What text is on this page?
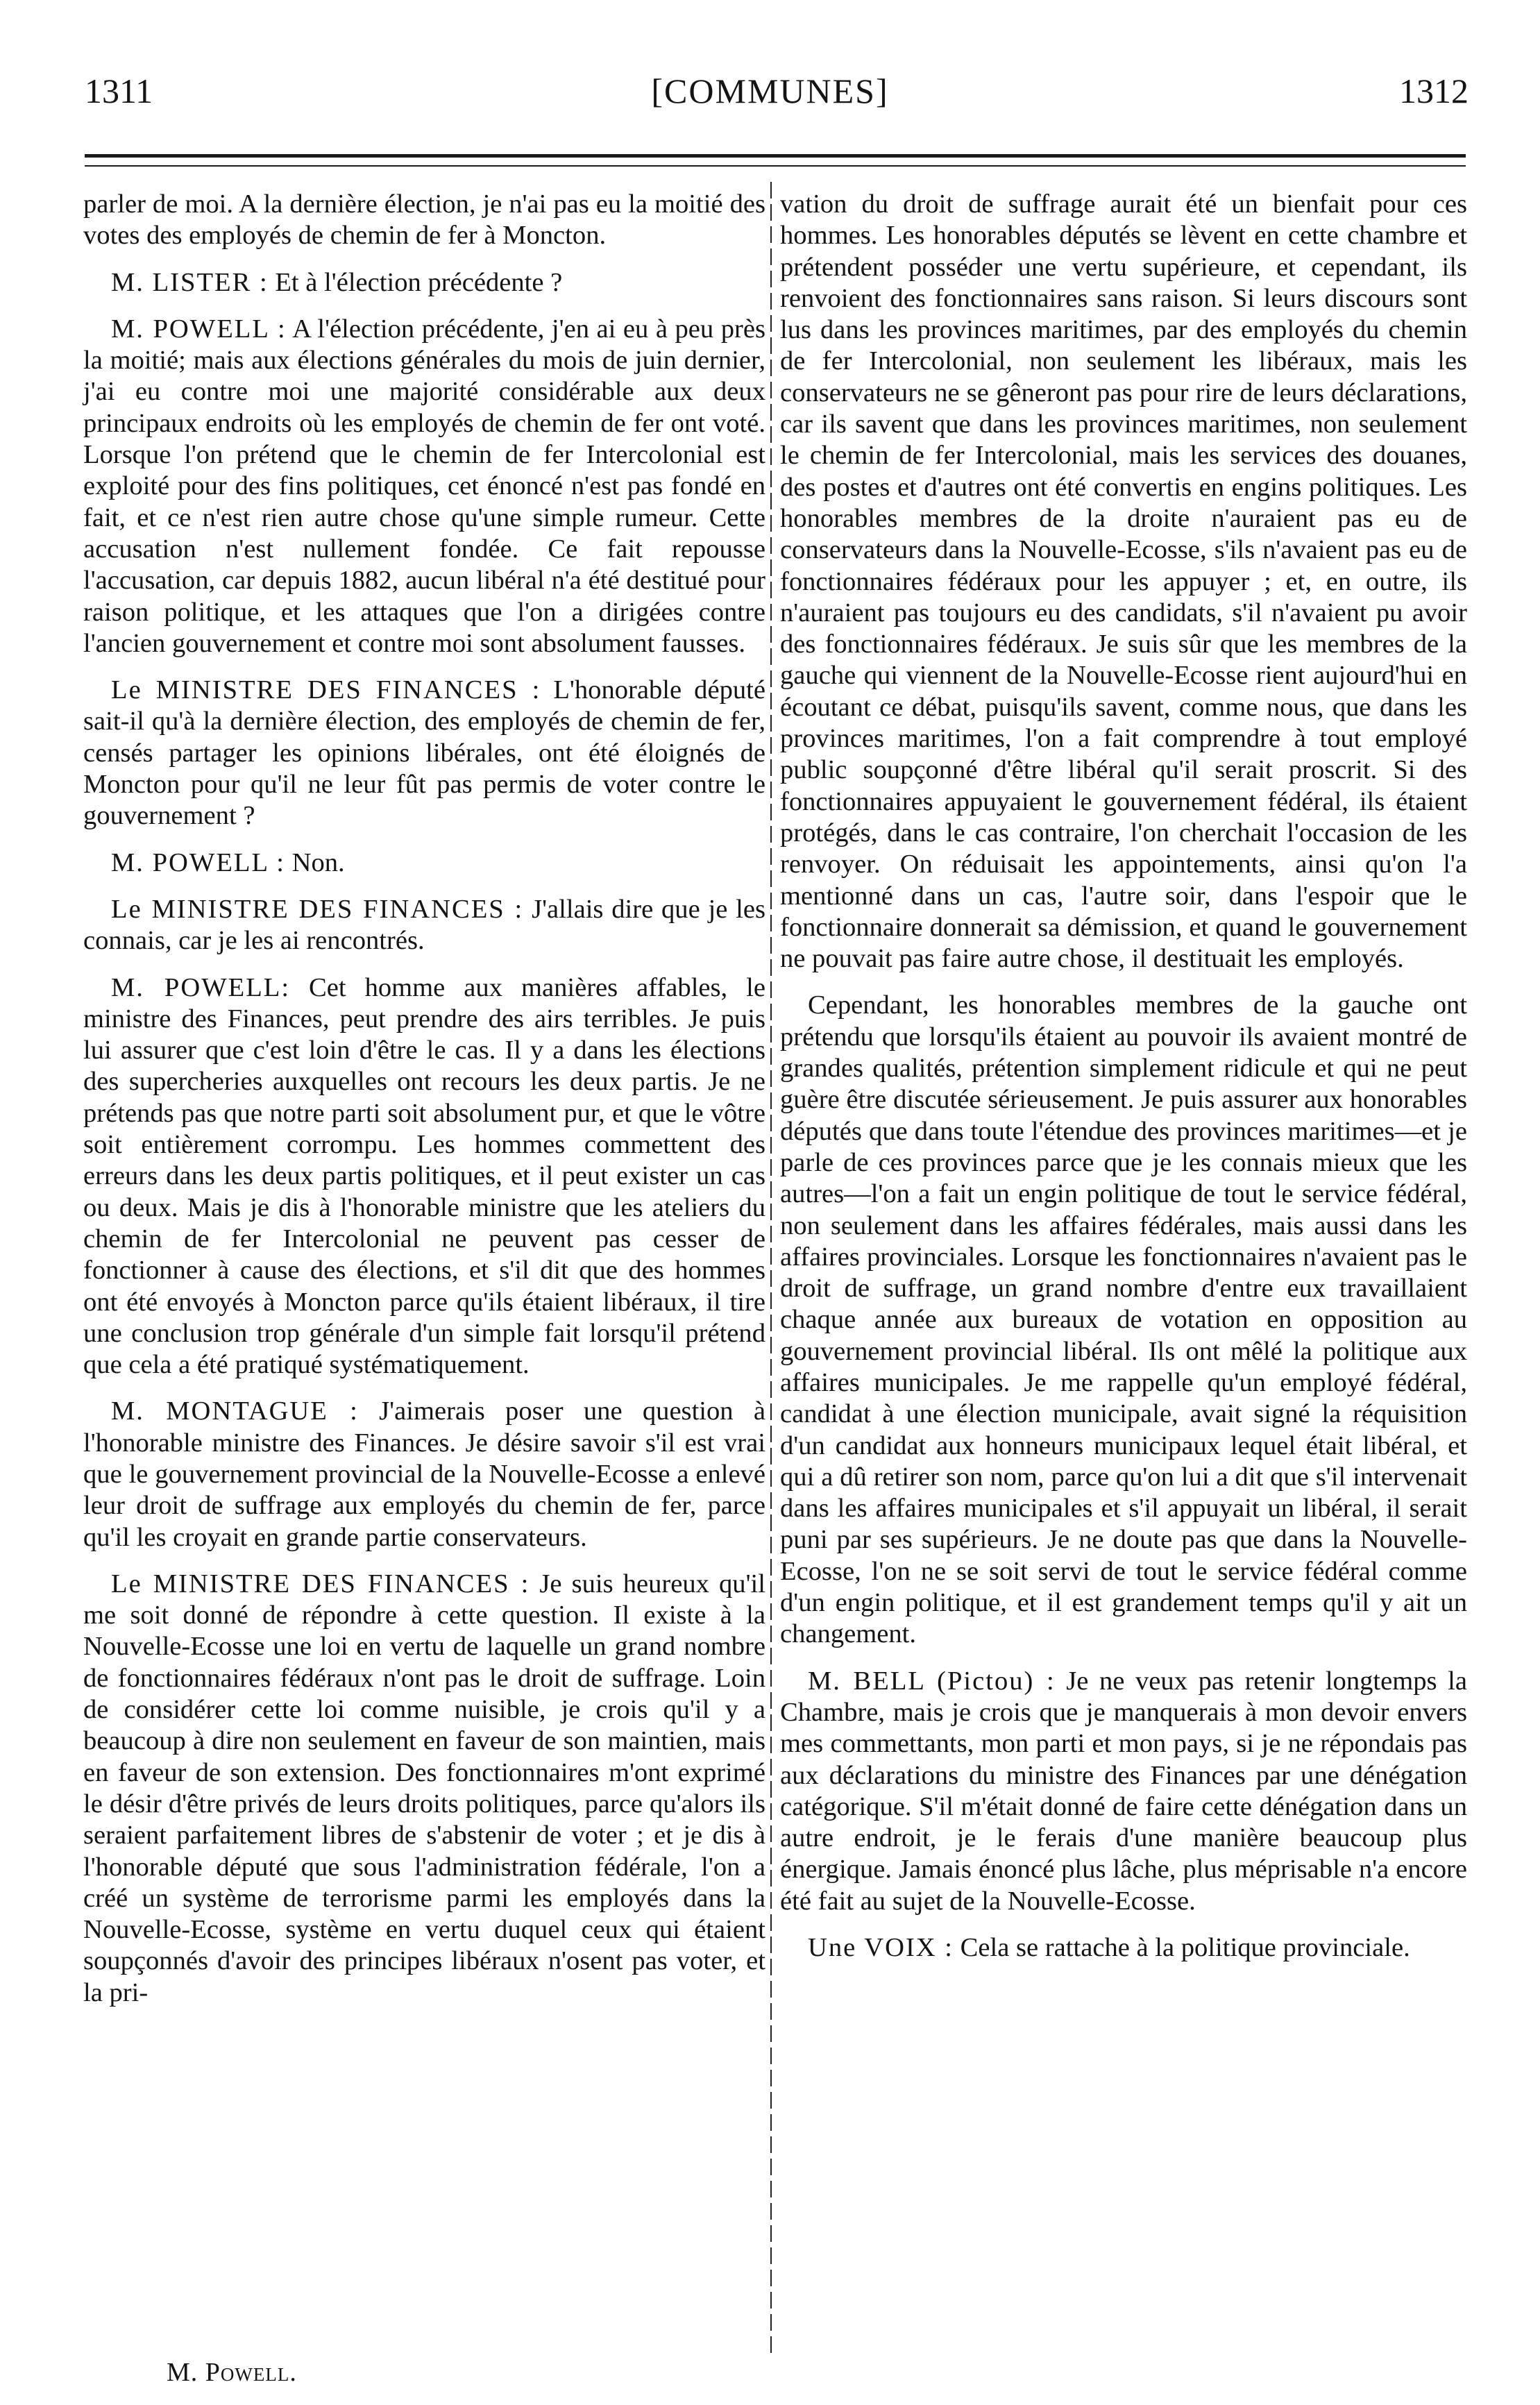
1311	[COMMUNES]	1312

parler de moi. A la dernière élection, je n'ai pas eu la moitié des votes des employés de chemin de fer à Moncton.

M. LISTER : Et à l'élection précédente ?

M. POWELL : A l'élection précédente, j'en ai eu à peu près la moitié; mais aux élections générales du mois de juin dernier, j'ai eu contre moi une majorité considérable aux deux principaux endroits où les employés de chemin de fer ont voté. Lorsque l'on prétend que le chemin de fer Intercolonial est exploité pour des fins politiques, cet énoncé n'est pas fondé en fait, et ce n'est rien autre chose qu'une simple rumeur. Cette accusation n'est nullement fondée. Ce fait repousse l'accusation, car depuis 1882, aucun libéral n'a été destitué pour raison politique, et les attaques que l'on a dirigées contre l'ancien gouvernement et contre moi sont absolument fausses.

Le MINISTRE DES FINANCES : L'honorable député sait-il qu'à la dernière élection, des employés de chemin de fer, censés partager les opinions libérales, ont été éloignés de Moncton pour qu'il ne leur fût pas permis de voter contre le gouvernement ?

M. POWELL : Non.

Le MINISTRE DES FINANCES : J'allais dire que je les connais, car je les ai rencontrés.

M. POWELL: Cet homme aux manières affables, le ministre des Finances, peut prendre des airs terribles. Je puis lui assurer que c'est loin d'être le cas. Il y a dans les élections des supercheries auxquelles ont recours les deux partis. Je ne prétends pas que notre parti soit absolument pur, et que le vôtre soit entièrement corrompu. Les hommes commettent des erreurs dans les deux partis politiques, et il peut exister un cas ou deux. Mais je dis à l'honorable ministre que les ateliers du chemin de fer Intercolonial ne peuvent pas cesser de fonctionner à cause des élections, et s'il dit que des hommes ont été envoyés à Moncton parce qu'ils étaient libéraux, il tire une conclusion trop générale d'un simple fait lorsqu'il prétend que cela a été pratiqué systématiquement.

M. MONTAGUE : J'aimerais poser une question à l'honorable ministre des Finances. Je désire savoir s'il est vrai que le gouvernement provincial de la Nouvelle-Ecosse a enlevé leur droit de suffrage aux employés du chemin de fer, parce qu'il les croyait en grande partie conservateurs.

Le MINISTRE DES FINANCES : Je suis heureux qu'il me soit donné de répondre à cette question. Il existe à la Nouvelle-Ecosse une loi en vertu de laquelle un grand nombre de fonctionnaires fédéraux n'ont pas le droit de suffrage. Loin de considérer cette loi comme nuisible, je crois qu'il y a beaucoup à dire non seulement en faveur de son maintien, mais en faveur de son extension. Des fonctionnaires m'ont exprimé le désir d'être privés de leurs droits politiques, parce qu'alors ils seraient parfaitement libres de s'abstenir de voter ; et je dis à l'honorable député que sous l'administration fédérale, l'on a créé un système de terrorisme parmi les employés dans la Nouvelle-Ecosse, système en vertu duquel ceux qui étaient soupçonnés d'avoir des principes libéraux n'osent pas voter, et la pri-

vation du droit de suffrage aurait été un bienfait pour ces hommes. Les honorables députés se lèvent en cette chambre et prétendent posséder une vertu supérieure, et cependant, ils renvoient des fonctionnaires sans raison. Si leurs discours sont lus dans les provinces maritimes, par des employés du chemin de fer Intercolonial, non seulement les libéraux, mais les conservateurs ne se gêneront pas pour rire de leurs déclarations, car ils savent que dans les provinces maritimes, non seulement le chemin de fer Intercolonial, mais les services des douanes, des postes et d'autres ont été convertis en engins politiques. Les honorables membres de la droite n'auraient pas eu de conservateurs dans la Nouvelle-Ecosse, s'ils n'avaient pas eu de fonctionnaires fédéraux pour les appuyer ; et, en outre, ils n'auraient pas toujours eu des candidats, s'il n'avaient pu avoir des fonctionnaires fédéraux. Je suis sûr que les membres de la gauche qui viennent de la Nouvelle-Ecosse rient aujourd'hui en écoutant ce débat, puisqu'ils savent, comme nous, que dans les provinces maritimes, l'on a fait comprendre à tout employé public soupçonné d'être libéral qu'il serait proscrit. Si des fonctionnaires appuyaient le gouvernement fédéral, ils étaient protégés, dans le cas contraire, l'on cherchait l'occasion de les renvoyer. On réduisait les appointements, ainsi qu'on l'a mentionné dans un cas, l'autre soir, dans l'espoir que le fonctionnaire donnerait sa démission, et quand le gouvernement ne pouvait pas faire autre chose, il destituait les employés.

Cependant, les honorables membres de la gauche ont prétendu que lorsqu'ils étaient au pouvoir ils avaient montré de grandes qualités, prétention simplement ridicule et qui ne peut guère être discutée sérieusement. Je puis assurer aux honorables députés que dans toute l'étendue des provinces maritimes—et je parle de ces provinces parce que je les connais mieux que les autres—l'on a fait un engin politique de tout le service fédéral, non seulement dans les affaires fédérales, mais aussi dans les affaires provinciales. Lorsque les fonctionnaires n'avaient pas le droit de suffrage, un grand nombre d'entre eux travaillaient chaque année aux bureaux de votation en opposition au gouvernement provincial libéral. Ils ont mêlé la politique aux affaires municipales. Je me rappelle qu'un employé fédéral, candidat à une élection municipale, avait signé la réquisition d'un candidat aux honneurs municipaux lequel était libéral, et qui a dû retirer son nom, parce qu'on lui a dit que s'il intervenait dans les affaires municipales et s'il appuyait un libéral, il serait puni par ses supérieurs. Je ne doute pas que dans la Nouvelle-Ecosse, l'on ne se soit servi de tout le service fédéral comme d'un engin politique, et il est grandement temps qu'il y ait un changement.

M. BELL (Pictou) : Je ne veux pas retenir longtemps la Chambre, mais je crois que je manquerais à mon devoir envers mes commettants, mon parti et mon pays, si je ne répondais pas aux déclarations du ministre des Finances par une dénégation catégorique. S'il m'était donné de faire cette dénégation dans un autre endroit, je le ferais d'une manière beaucoup plus énergique. Jamais énoncé plus lâche, plus méprisable n'a encore été fait au sujet de la Nouvelle-Ecosse.

Une VOIX : Cela se rattache à la politique provinciale.

M. Powell.
